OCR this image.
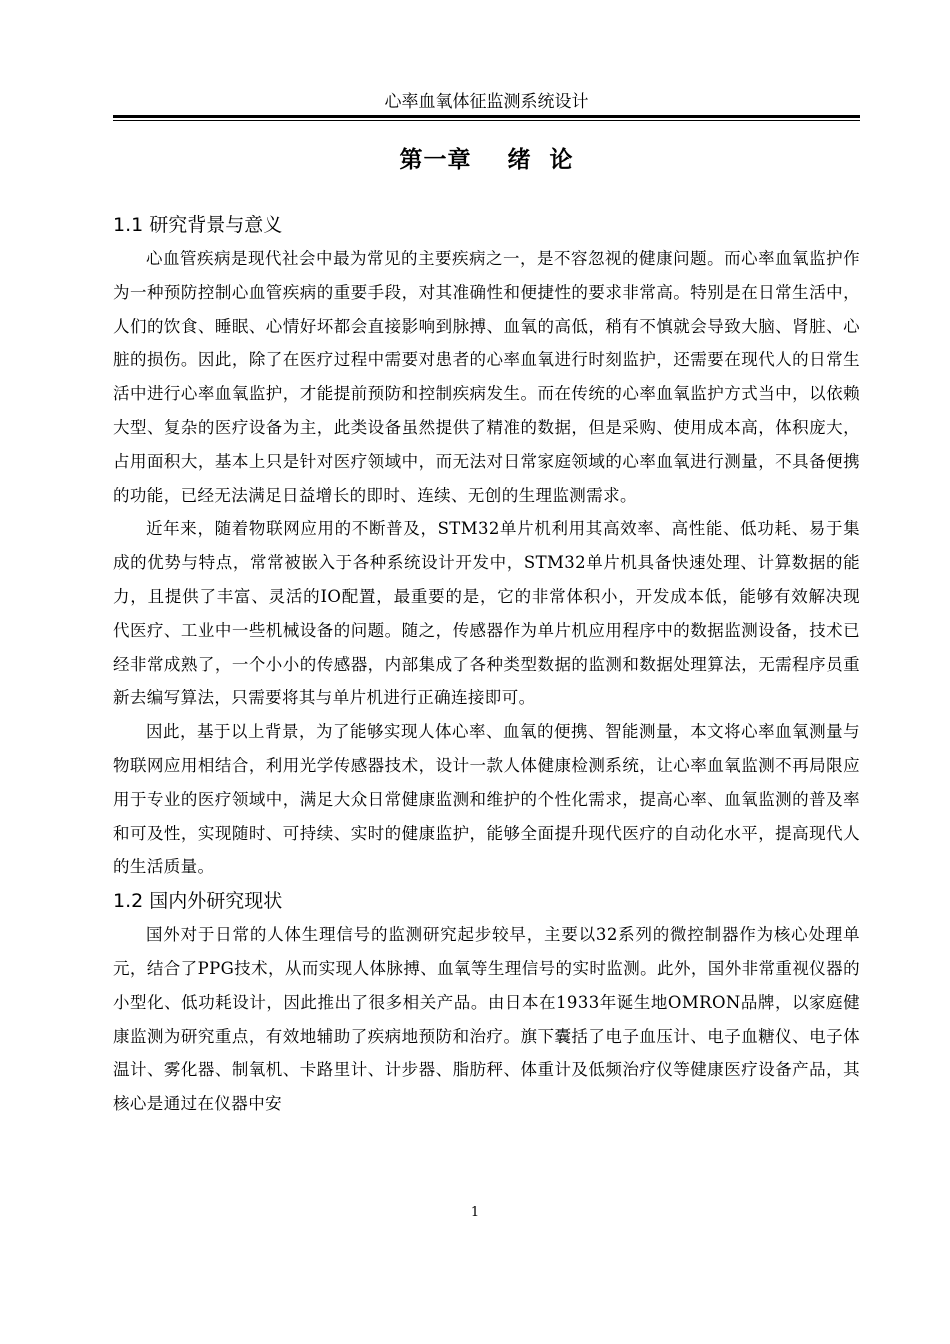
心率血氧体征监测系统设计
第一章    绪  论
1.1 研究背景与意义

心血管疾病是现代社会中最为常见的主要疾病之一，是不容忽视的健康问题。而心率血氧监护作为一种预防控制心血管疾病的重要手段，对其准确性和便捷性的要求非常高。特别是在日常生活中，人们的饮食、睡眠、心情好坏都会直接影响到脉搏、血氧的高低，稍有不慎就会导致大脑、肾脏、心脏的损伤。因此，除了在医疗过程中需要对患者的心率血氧进行时刻监护，还需要在现代人的日常生活中进行心率血氧监护，才能提前预防和控制疾病发生。而在传统的心率血氧监护方式当中，以依赖大型、复杂的医疗设备为主，此类设备虽然提供了精准的数据，但是采购、使用成本高，体积庞大，占用面积大，基本上只是针对医疗领域中，而无法对日常家庭领域的心率血氧进行测量，不具备便携的功能，已经无法满足日益增长的即时、连续、无创的生理监测需求。

近年来，随着物联网应用的不断普及，STM32单片机利用其高效率、高性能、低功耗、易于集成的优势与特点，常常被嵌入于各种系统设计开发中，STM32单片机具备快速处理、计算数据的能力，且提供了丰富、灵活的IO配置，最重要的是，它的非常体积小，开发成本低，能够有效解决现代医疗、工业中一些机械设备的问题。随之，传感器作为单片机应用程序中的数据监测设备，技术已经非常成熟了，一个小小的传感器，内部集成了各种类型数据的监测和数据处理算法，无需程序员重新去编写算法，只需要将其与单片机进行正确连接即可。

因此，基于以上背景，为了能够实现人体心率、血氧的便携、智能测量，本文将心率血氧测量与物联网应用相结合，利用光学传感器技术，设计一款人体健康检测系统，让心率血氧监测不再局限应用于专业的医疗领域中，满足大众日常健康监测和维护的个性化需求，提高心率、血氧监测的普及率和可及性，实现随时、可持续、实时的健康监护，能够全面提升现代医疗的自动化水平，提高现代人的生活质量。

1.2 国内外研究现状

国外对于日常的人体生理信号的监测研究起步较早，主要以32系列的微控制器作为核心处理单元，结合了PPG技术，从而实现人体脉搏、血氧等生理信号的实时监测。此外，国外非常重视仪器的小型化、低功耗设计，因此推出了很多相关产品。由日本在1933年诞生地OMRON品牌，以家庭健康监测为研究重点，有效地辅助了疾病地预防和治疗。旗下囊括了电子血压计、电子血糖仪、电子体温计、雾化器、制氧机、卡路里计、计步器、脂肪秤、体重计及低频治疗仪等健康医疗设备产品，其核心是通过在仪器中安

1
